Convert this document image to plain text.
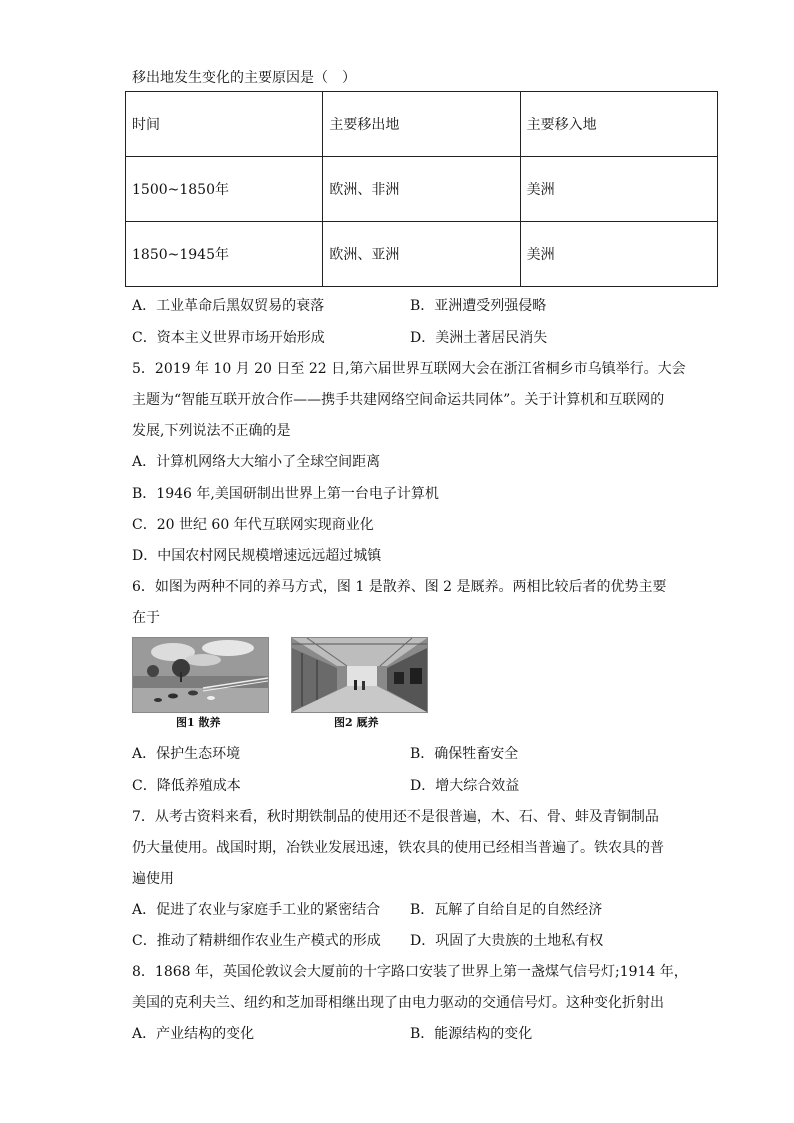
移出地发生变化的主要原因是（　）
时间	主要移出地	主要移入地
1500~1850年	欧洲、非洲	美洲
1850~1945年	欧洲、亚洲	美洲
A．工业革命后黑奴贸易的衰落	B．亚洲遭受列强侵略
C．资本主义世界市场开始形成	D．美洲土著居民消失
5．2019 年 10 月 20 日至 22 日,第六届世界互联网大会在浙江省桐乡市乌镇举行。大会
主题为“智能互联开放合作——携手共建网络空间命运共同体”。关于计算机和互联网的
发展,下列说法不正确的是
A．计算机网络大大缩小了全球空间距离
B．1946 年,美国研制出世界上第一台电子计算机
C．20 世纪 60 年代互联网实现商业化
D．中国农村网民规模增速远远超过城镇
6．如图为两种不同的养马方式，图 1 是散养、图 2 是厩养。两相比较后者的优势主要
在于
图1 散养	图2 厩养
A．保护生态环境	B．确保牲畜安全
C．降低养殖成本	D．增大综合效益
7．从考古资料来看，秋时期铁制品的使用还不是很普遍，木、石、骨、蚌及青铜制品
仍大量使用。战国时期，冶铁业发展迅速，铁农具的使用已经相当普遍了。铁农具的普
遍使用
A．促进了农业与家庭手工业的紧密结合 B．瓦解了自给自足的自然经济
C．推动了精耕细作农业生产模式的形成 D．巩固了大贵族的土地私有权
8．1868 年，英国伦敦议会大厦前的十字路口安装了世界上第一盏煤气信号灯;1914 年，
美国的克利夫兰、纽约和芝加哥相继出现了由电力驱动的交通信号灯。这种变化折射出
A．产业结构的变化	B．能源结构的变化
